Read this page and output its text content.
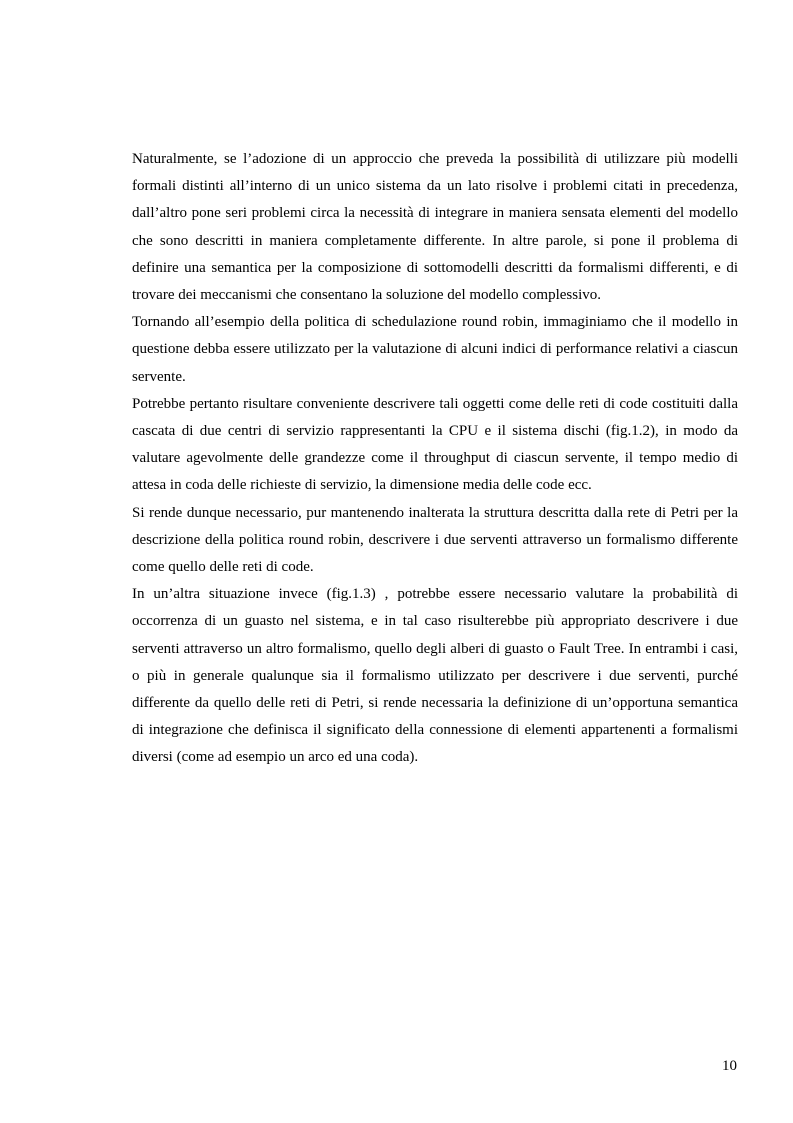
Naturalmente, se l’adozione di un approccio che preveda la possibilità di utilizzare più modelli formali distinti all’interno di un unico sistema da un lato risolve i problemi citati in precedenza, dall’altro pone seri problemi circa la necessità di integrare in maniera sensata elementi del modello che sono descritti in maniera completamente differente. In altre parole, si pone il problema di definire una semantica per la composizione di sottomodelli descritti da formalismi differenti, e di trovare dei meccanismi che consentano la soluzione del modello complessivo.

Tornando all’esempio della politica di schedulazione round robin, immaginiamo che il modello in questione debba essere utilizzato per la valutazione di alcuni indici di performance relativi a ciascun servente.

Potrebbe pertanto risultare conveniente descrivere tali oggetti come delle reti di code costituiti dalla cascata di due centri di servizio rappresentanti la CPU e il sistema dischi (fig.1.2), in modo da valutare agevolmente delle grandezze come il throughput di ciascun servente, il tempo medio di attesa in coda delle richieste di servizio, la dimensione media delle code ecc.

Si rende dunque necessario, pur mantenendo inalterata la struttura descritta dalla rete di Petri per la descrizione della politica round robin, descrivere i due serventi attraverso un formalismo differente come quello delle reti di code.

In un’altra situazione invece (fig.1.3) , potrebbe essere necessario valutare la probabilità di occorrenza di un guasto nel sistema, e in tal caso risulterebbe più appropriato descrivere i due serventi attraverso un altro formalismo, quello degli alberi di guasto o Fault Tree. In entrambi i casi, o più in generale qualunque sia il formalismo utilizzato per descrivere i due serventi, purché differente da quello delle reti di Petri, si rende necessaria la definizione di un’opportuna semantica di integrazione che definisca il significato della connessione di elementi appartenenti a formalismi diversi (come ad esempio un arco ed una coda).

10
